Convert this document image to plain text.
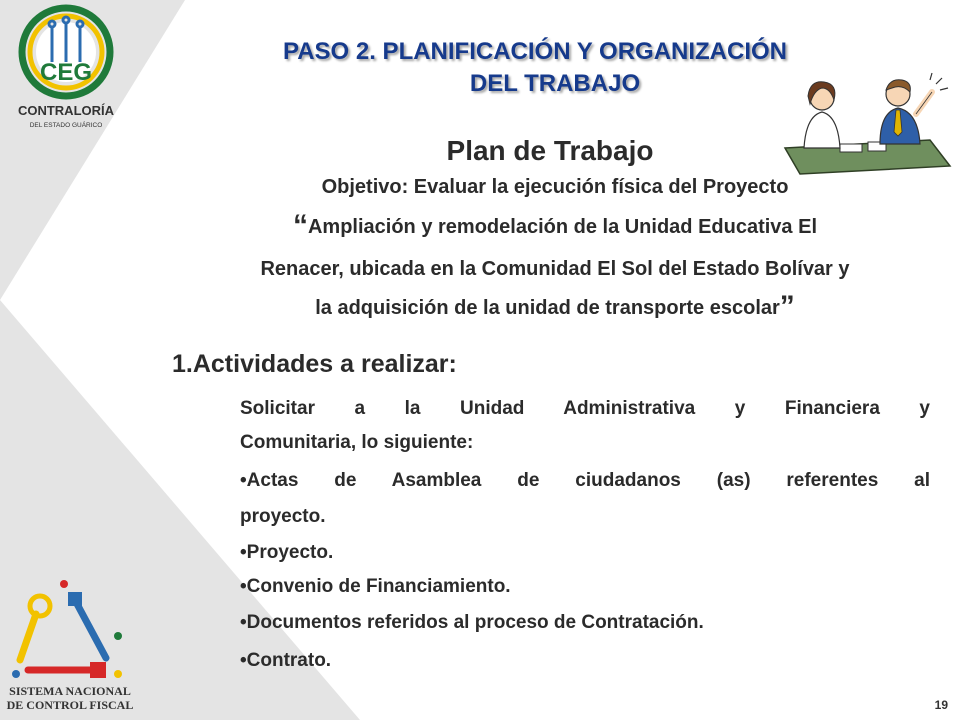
CEG
CONTRALORÍA
DEL ESTADO GUÁRICO
PASO 2. PLANIFICACIÓN Y ORGANIZACIÓN
DEL TRABAJO
Plan de Trabajo
Objetivo: Evaluar la ejecución física del Proyecto
“Ampliación y remodelación de la Unidad Educativa El
Renacer, ubicada en la Comunidad El Sol del Estado Bolívar y
la adquisición de la unidad de transporte escolar”
1.Actividades a realizar:
Solicitar a la Unidad Administrativa y Financiera y
Comunitaria, lo siguiente:
•Actas de Asamblea de ciudadanos (as) referentes al
proyecto.
•Proyecto.
•Convenio de Financiamiento.
•Documentos referidos al proceso de Contratación.
•Contrato.
SISTEMA NACIONAL
DE CONTROL FISCAL	19
